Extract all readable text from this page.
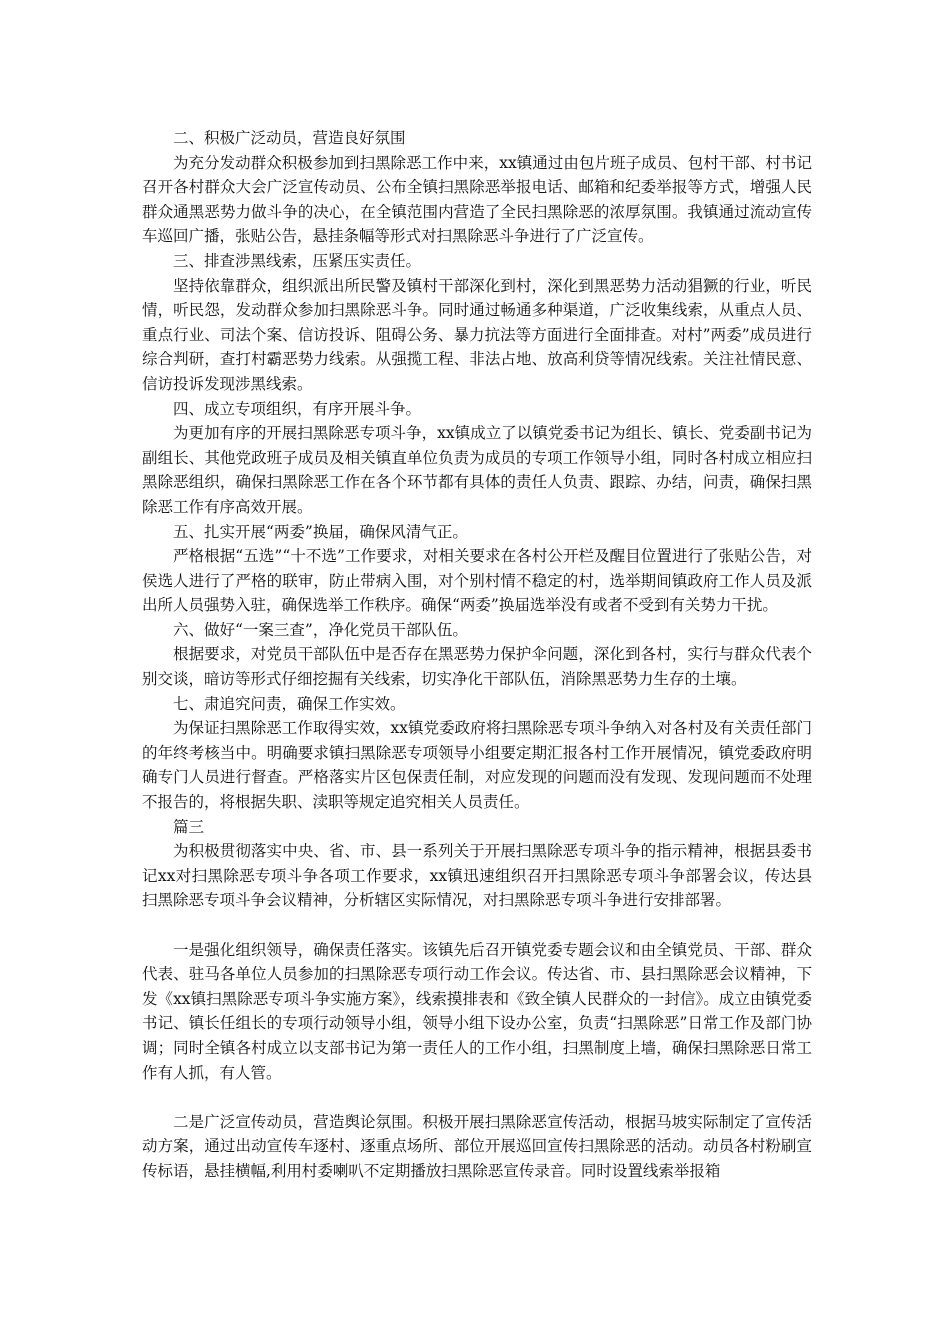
二、积极广泛动员，营造良好氛围

为充分发动群众积极参加到扫黑除恶工作中来，xx镇通过由包片班子成员、包村干部、村书记召开各村群众大会广泛宣传动员、公布全镇扫黑除恶举报电话、邮箱和纪委举报等方式，增强人民群众通黑恶势力做斗争的决心，在全镇范围内营造了全民扫黑除恶的浓厚氛围。我镇通过流动宣传车巡回广播，张贴公告，悬挂条幅等形式对扫黑除恶斗争进行了广泛宣传。

三、排查涉黑线索，压紧压实责任。

坚持依靠群众，组织派出所民警及镇村干部深化到村，深化到黑恶势力活动猖獗的行业，听民情，听民怨，发动群众参加扫黑除恶斗争。同时通过畅通多种渠道，广泛收集线索，从重点人员、重点行业、司法个案、信访投诉、阻碍公务、暴力抗法等方面进行全面排查。对村”两委”成员进行综合判研，查打村霸恶势力线索。从强揽工程、非法占地、放高利贷等情况线索。关注社情民意、信访投诉发现涉黑线索。

四、成立专项组织，有序开展斗争。

为更加有序的开展扫黑除恶专项斗争，xx镇成立了以镇党委书记为组长、镇长、党委副书记为副组长、其他党政班子成员及相关镇直单位负责为成员的专项工作领导小组，同时各村成立相应扫黑除恶组织，确保扫黑除恶工作在各个环节都有具体的责任人负责、跟踪、办结，问责，确保扫黑除恶工作有序高效开展。

五、扎实开展“两委”换届，确保风清气正。

严格根据“五选”“十不选”工作要求，对相关要求在各村公开栏及醒目位置进行了张贴公告，对侯选人进行了严格的联审，防止带病入围，对个别村情不稳定的村，选举期间镇政府工作人员及派出所人员强势入驻，确保选举工作秩序。确保“两委”换届选举没有或者不受到有关势力干扰。

六、做好“一案三查”，净化党员干部队伍。

根据要求，对党员干部队伍中是否存在黑恶势力保护伞问题，深化到各村，实行与群众代表个别交谈，暗访等形式仔细挖掘有关线索，切实净化干部队伍，消除黑恶势力生存的土壤。

七、肃追究问责，确保工作实效。

为保证扫黑除恶工作取得实效，xx镇党委政府将扫黑除恶专项斗争纳入对各村及有关责任部门的年终考核当中。明确要求镇扫黑除恶专项领导小组要定期汇报各村工作开展情况，镇党委政府明确专门人员进行督查。严格落实片区包保责任制，对应发现的问题而没有发现、发现问题而不处理不报告的，将根据失职、渎职等规定追究相关人员责任。

篇三

为积极贯彻落实中央、省、市、县一系列关于开展扫黑除恶专项斗争的指示精神，根据县委书记xx对扫黑除恶专项斗争各项工作要求，xx镇迅速组织召开扫黑除恶专项斗争部署会议，传达县扫黑除恶专项斗争会议精神，分析辖区实际情况，对扫黑除恶专项斗争进行安排部署。

一是强化组织领导，确保责任落实。该镇先后召开镇党委专题会议和由全镇党员、干部、群众代表、驻马各单位人员参加的扫黑除恶专项行动工作会议。传达省、市、县扫黑除恶会议精神，下发《xx镇扫黑除恶专项斗争实施方案》，线索摸排表和《致全镇人民群众的一封信》。成立由镇党委书记、镇长任组长的专项行动领导小组，领导小组下设办公室，负责“扫黑除恶”日常工作及部门协调；同时全镇各村成立以支部书记为第一责任人的工作小组，扫黑制度上墙，确保扫黑除恶日常工作有人抓，有人管。

二是广泛宣传动员，营造舆论氛围。积极开展扫黑除恶宣传活动，根据马坡实际制定了宣传活动方案，通过出动宣传车逐村、逐重点场所、部位开展巡回宣传扫黑除恶的活动。动员各村粉刷宣传标语，悬挂横幅,利用村委喇叭不定期播放扫黑除恶宣传录音。同时设置线索举报箱
